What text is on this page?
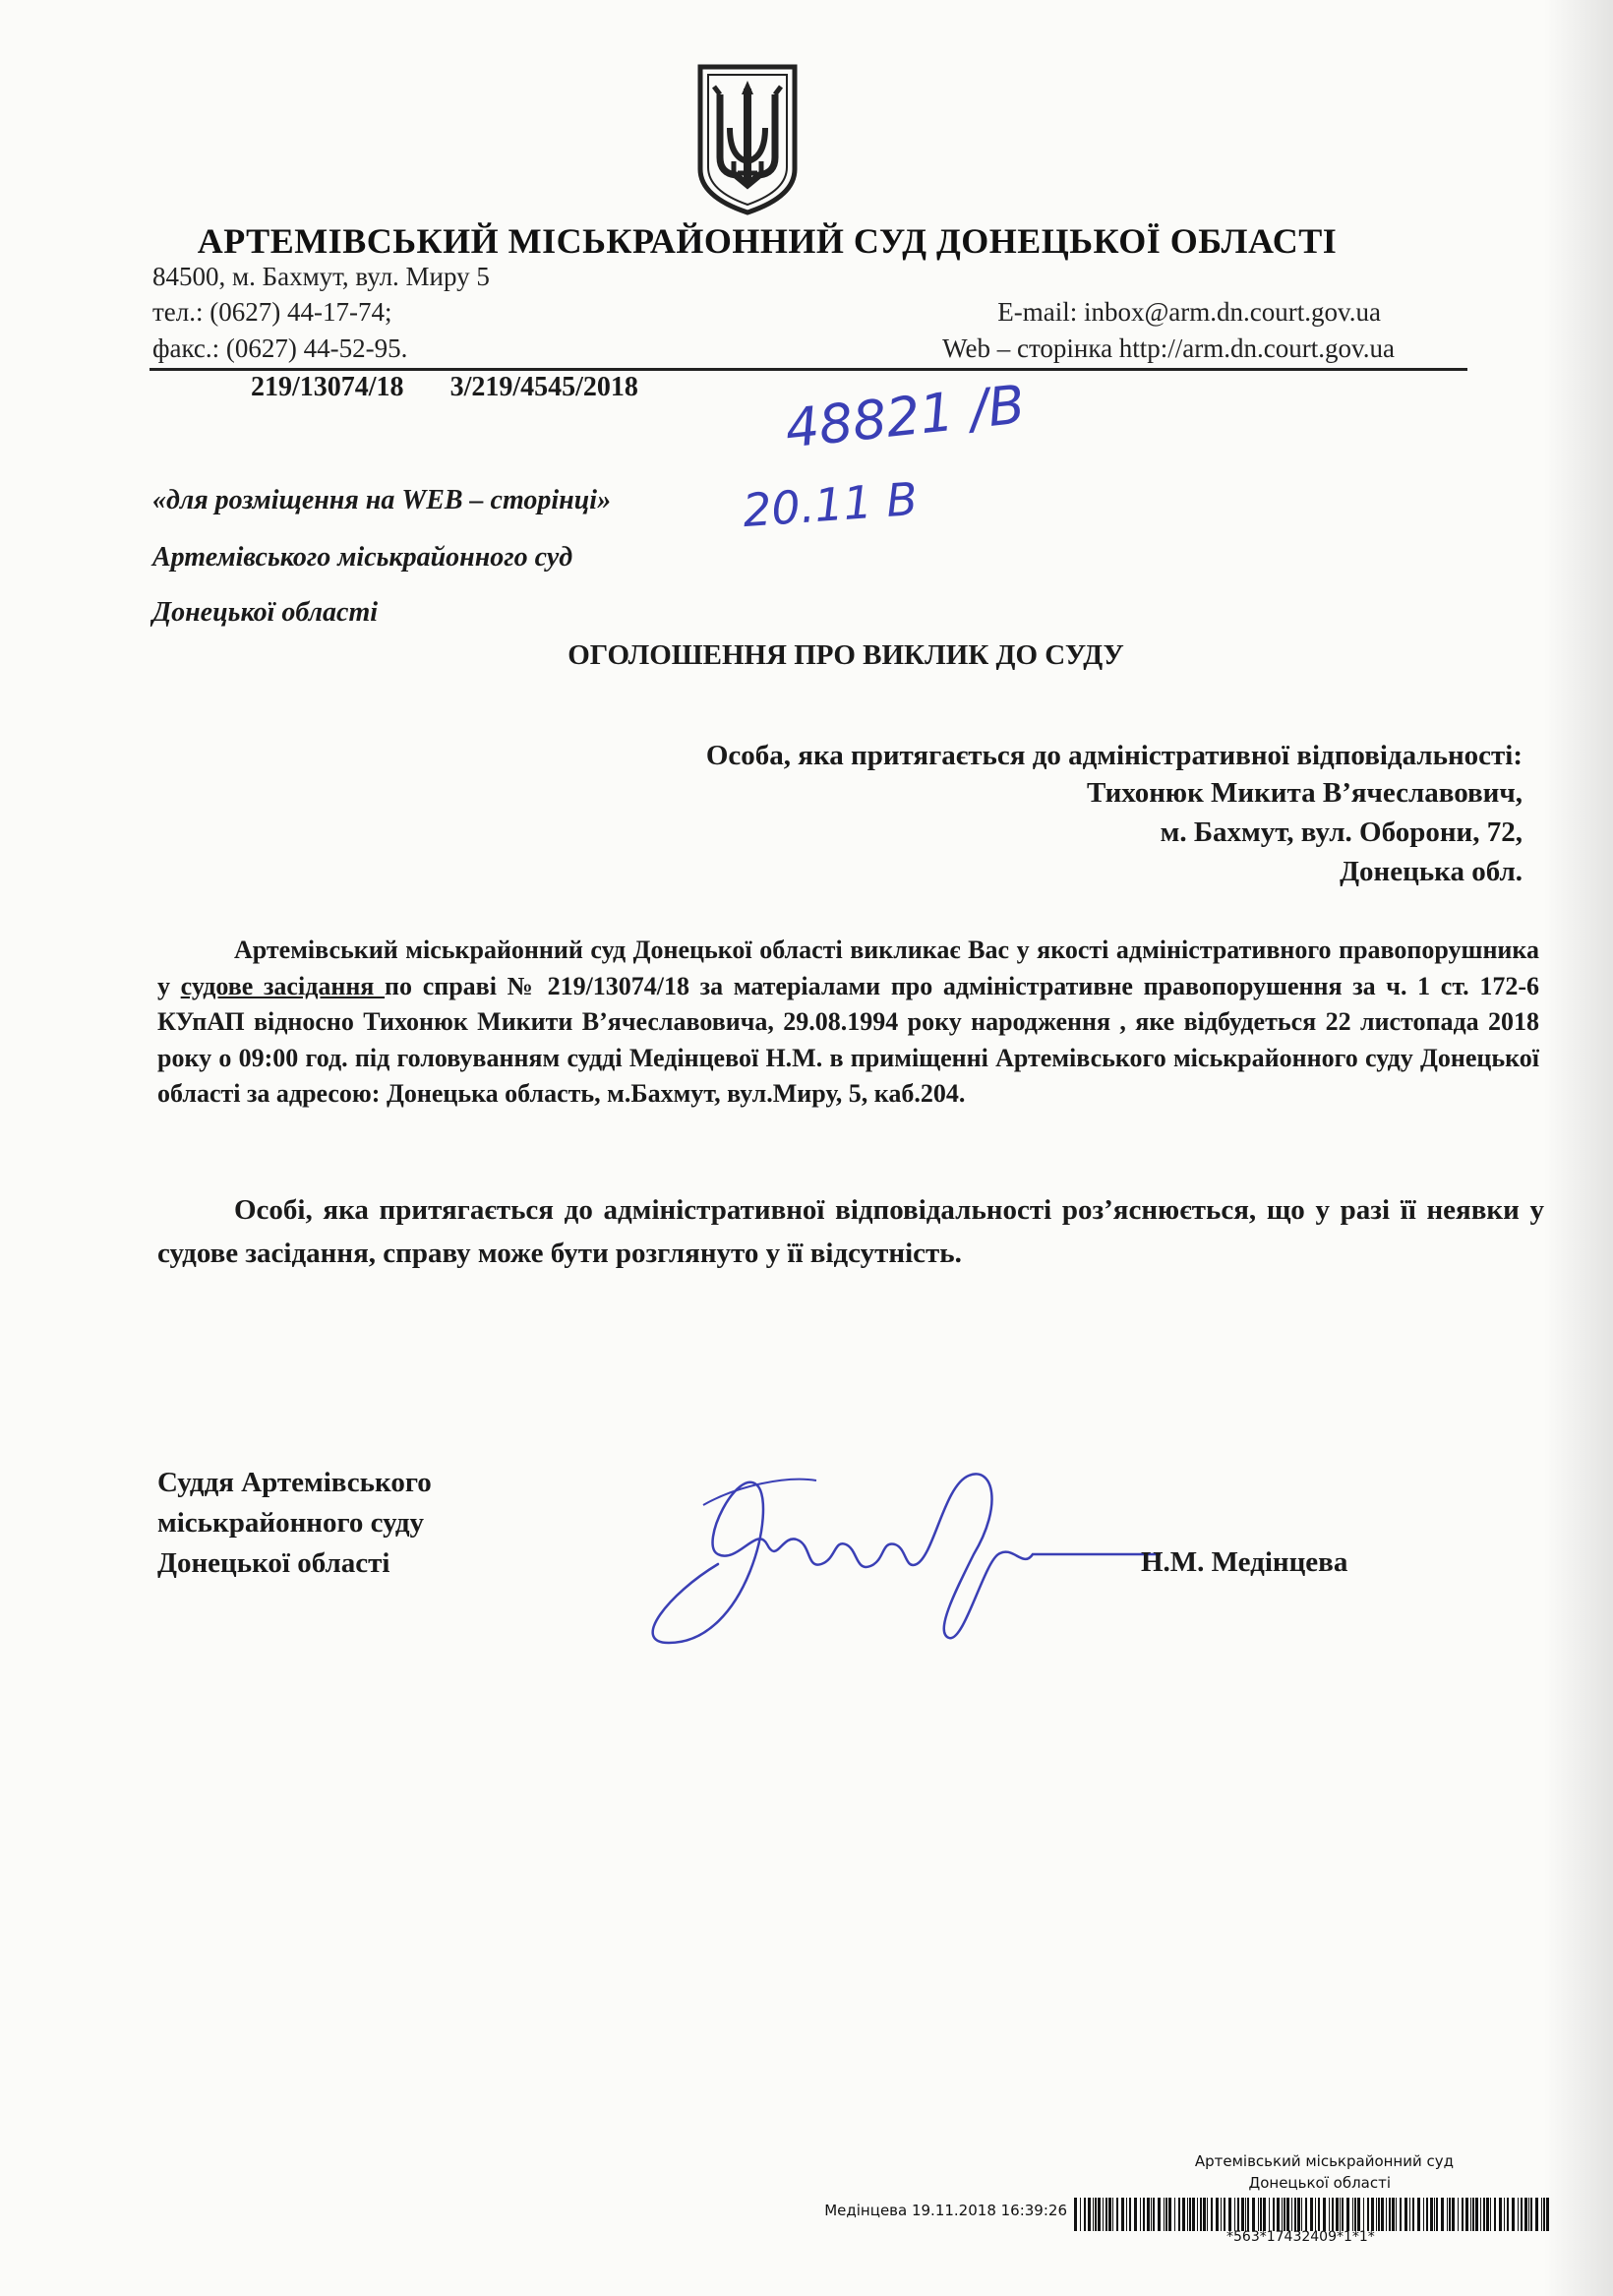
АРТЕМІВСЬКИЙ МІСЬКРАЙОННИЙ СУД ДОНЕЦЬКОЇ ОБЛАСТІ
84500, м. Бахмут, вул. Миру 5
тел.: (0627) 44-17-74;
факс.: (0627) 44-52-95.
E-mail: inbox@arm.dn.court.gov.ua
Web – сторінка http://arm.dn.court.gov.ua
219/13074/18 3/219/4545/2018	48821 /В
20.11 В
«для розміщення на WEB – сторінці»
Артемівського міськрайонного суд
Донецької області
ОГОЛОШЕННЯ ПРО ВИКЛИК ДО СУДУ
Особа, яка притягається до адміністративної відповідальності:
Тихонюк Микита В’ячеславович,
м. Бахмут, вул. Оборони, 72,
Донецька обл.
Артемівський міськрайонний суд Донецької області викликає Вас у якості адміністративного правопорушника у судове засідання по справі № 219/13074/18 за матеріалами про адміністративне правопорушення за ч. 1 ст. 172-6 КУпАП відносно Тихонюк Микити В’ячеславовича, 29.08.1994 року народження , яке відбудеться 22 листопада 2018 року о 09:00 год. під головуванням судді Медінцевої Н.М. в приміщенні Артемівського міськрайонного суду Донецької області за адресою: Донецька область, м.Бахмут, вул.Миру, 5, каб.204.
Особі, яка притягається до адміністративної відповідальності роз’яснюється, що у разі її неявки у судове засідання, справу може бути розглянуто у її відсутність.
Суддя Артемівського
міськрайонного суду
Донецької області	Н.М. Медінцева
Артемівський міськрайонний суд
Донецької області
Медінцева 19.11.2018 16:39:26
*563*17432409*1*1*
